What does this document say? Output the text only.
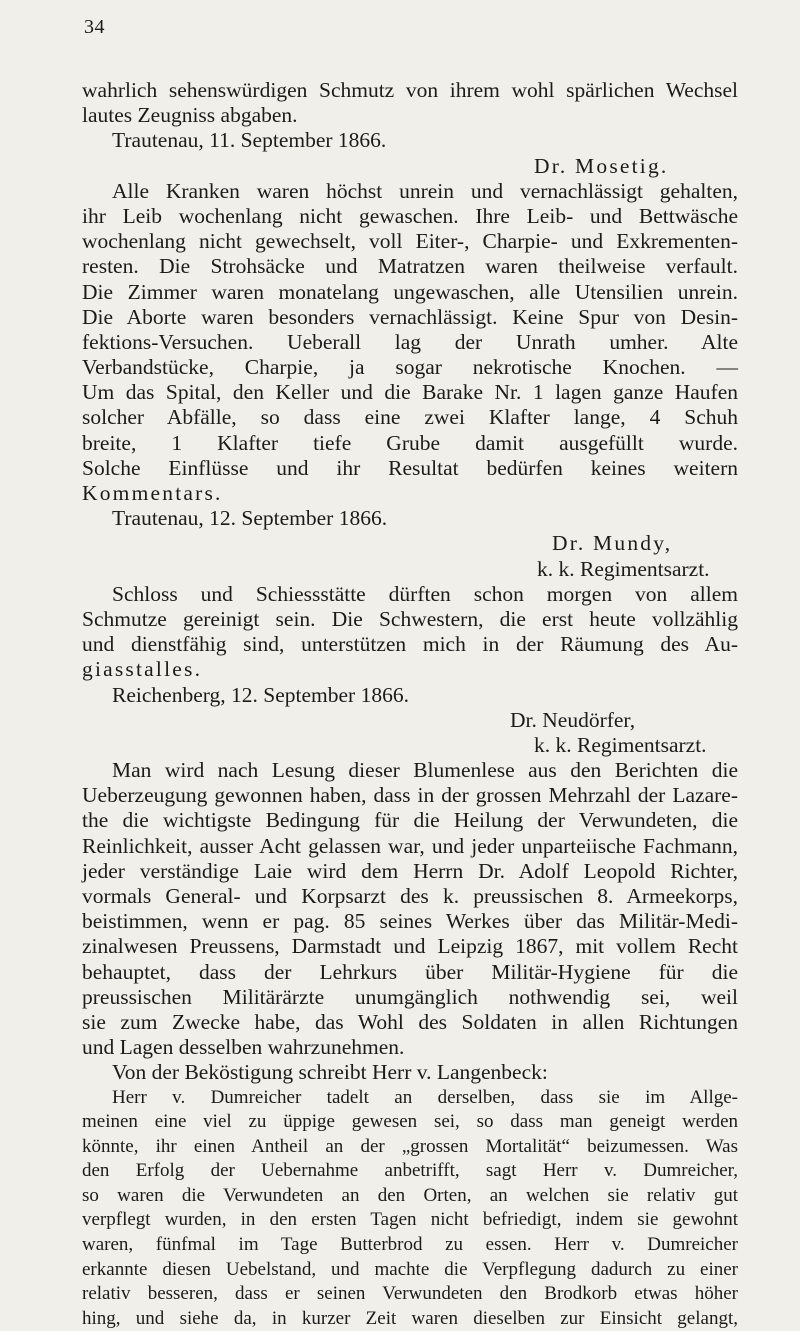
34
wahrlich sehenswürdigen Schmutz von ihrem wohl spärlichen Wechsel
lautes Zeugniss abgaben.
Trautenau, 11. September 1866.
Dr. Mosetig.
Alle Kranken waren höchst unrein und vernachlässigt gehalten,
ihr Leib wochenlang nicht gewaschen. Ihre Leib- und Bettwäsche
wochenlang nicht gewechselt, voll Eiter-, Charpie- und Exkrementen-
resten. Die Strohsäcke und Matratzen waren theilweise verfault.
Die Zimmer waren monatelang ungewaschen, alle Utensilien unrein.
Die Aborte waren besonders vernachlässigt. Keine Spur von Desin-
fektions-Versuchen. Ueberall lag der Unrath umher. Alte
Verbandstücke, Charpie, ja sogar nekrotische Knochen. —
Um das Spital, den Keller und die Barake Nr. 1 lagen ganze Haufen
solcher Abfälle, so dass eine zwei Klafter lange, 4 Schuh
breite, 1 Klafter tiefe Grube damit ausgefüllt wurde.
Solche Einflüsse und ihr Resultat bedürfen keines weitern
Kommentars.
Trautenau, 12. September 1866.
Dr. Mundy,
k. k. Regimentsarzt.
Schloss und Schiessstätte dürften schon morgen von allem
Schmutze gereinigt sein. Die Schwestern, die erst heute vollzählig
und dienstfähig sind, unterstützen mich in der Räumung des Au-
giasstalles.
Reichenberg, 12. September 1866.
Dr. Neudörfer,
k. k. Regimentsarzt.
Man wird nach Lesung dieser Blumenlese aus den Berichten die
Ueberzeugung gewonnen haben, dass in der grossen Mehrzahl der Lazare-
the die wichtigste Bedingung für die Heilung der Verwundeten, die
Reinlichkeit, ausser Acht gelassen war, und jeder unparteiische Fachmann,
jeder verständige Laie wird dem Herrn Dr. Adolf Leopold Richter,
vormals General- und Korpsarzt des k. preussischen 8. Armeekorps,
beistimmen, wenn er pag. 85 seines Werkes über das Militär-Medi-
zinalwesen Preussens, Darmstadt und Leipzig 1867, mit vollem Recht
behauptet, dass der Lehrkurs über Militär-Hygiene für die
preussischen Militärärzte unumgänglich nothwendig sei, weil
sie zum Zwecke habe, das Wohl des Soldaten in allen Richtungen
und Lagen desselben wahrzunehmen.
Von der Beköstigung schreibt Herr v. Langenbeck:
Herr v. Dumreicher tadelt an derselben, dass sie im Allge-
meinen eine viel zu üppige gewesen sei, so dass man geneigt werden
könnte, ihr einen Antheil an der „grossen Mortalität“ beizumessen. Was
den Erfolg der Uebernahme anbetrifft, sagt Herr v. Dumreicher,
so waren die Verwundeten an den Orten, an welchen sie relativ gut
verpflegt wurden, in den ersten Tagen nicht befriedigt, indem sie gewohnt
waren, fünfmal im Tage Butterbrod zu essen. Herr v. Dumreicher
erkannte diesen Uebelstand, und machte die Verpflegung dadurch zu einer
relativ besseren, dass er seinen Verwundeten den Brodkorb etwas höher
hing, und siehe da, in kurzer Zeit waren dieselben zur Einsicht gelangt,
